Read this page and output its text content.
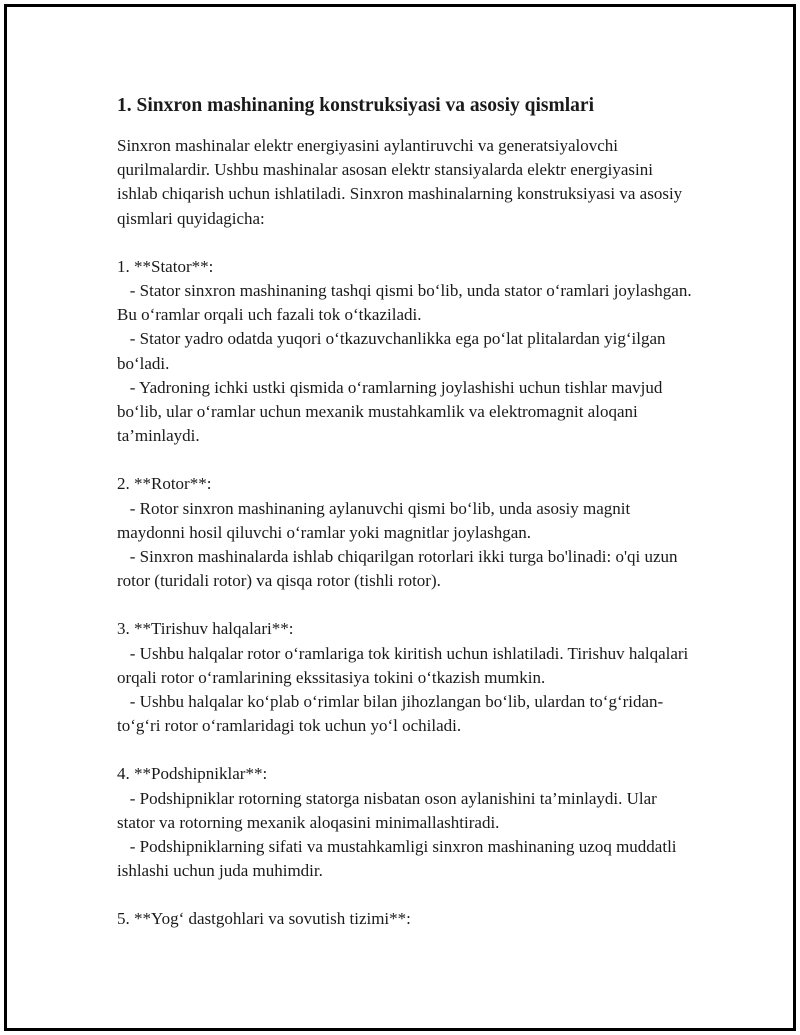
1. Sinxron mashinaning konstruksiyasi va asosiy qismlari

Sinxron mashinalar elektr energiyasini aylantiruvchi va generatsiyalovchi qurilmalardir. Ushbu mashinalar asosan elektr stansiyalarda elektr energiyasini ishlab chiqarish uchun ishlatiladi. Sinxron mashinalarning konstruksiyasi va asosiy qismlari quyidagicha:

1. **Stator**:

- Stator sinxron mashinaning tashqi qismi bo‘lib, unda stator o‘ramlari joylashgan. Bu o‘ramlar orqali uch fazali tok o‘tkaziladi.

- Stator yadro odatda yuqori o‘tkazuvchanlikka ega po‘lat plitalardan yig‘ilgan bo‘ladi.

- Yadroning ichki ustki qismida o‘ramlarning joylashishi uchun tishlar mavjud bo‘lib, ular o‘ramlar uchun mexanik mustahkamlik va elektromagnit aloqani ta’minlaydi.

2. **Rotor**:

- Rotor sinxron mashinaning aylanuvchi qismi bo‘lib, unda asosiy magnit maydonni hosil qiluvchi o‘ramlar yoki magnitlar joylashgan.

- Sinxron mashinalarda ishlab chiqarilgan rotorlari ikki turga bo'linadi: o'qi uzun rotor (turidali rotor) va qisqa rotor (tishli rotor).

3. **Tirishuv halqalari**:

- Ushbu halqalar rotor o‘ramlariga tok kiritish uchun ishlatiladi. Tirishuv halqalari orqali rotor o‘ramlarining ekssitasiya tokini o‘tkazish mumkin.

- Ushbu halqalar ko‘plab o‘rimlar bilan jihozlangan bo‘lib, ulardan to‘g‘ridan-to‘g‘ri rotor o‘ramlaridagi tok uchun yo‘l ochiladi.

4. **Podshipniklar**:

- Podshipniklar rotorning statorga nisbatan oson aylanishini ta’minlaydi. Ular stator va rotorning mexanik aloqasini minimallashtiradi.

- Podshipniklarning sifati va mustahkamligi sinxron mashinaning uzoq muddatli ishlashi uchun juda muhimdir.

5. **Yog‘ dastgohlari va sovutish tizimi**:
